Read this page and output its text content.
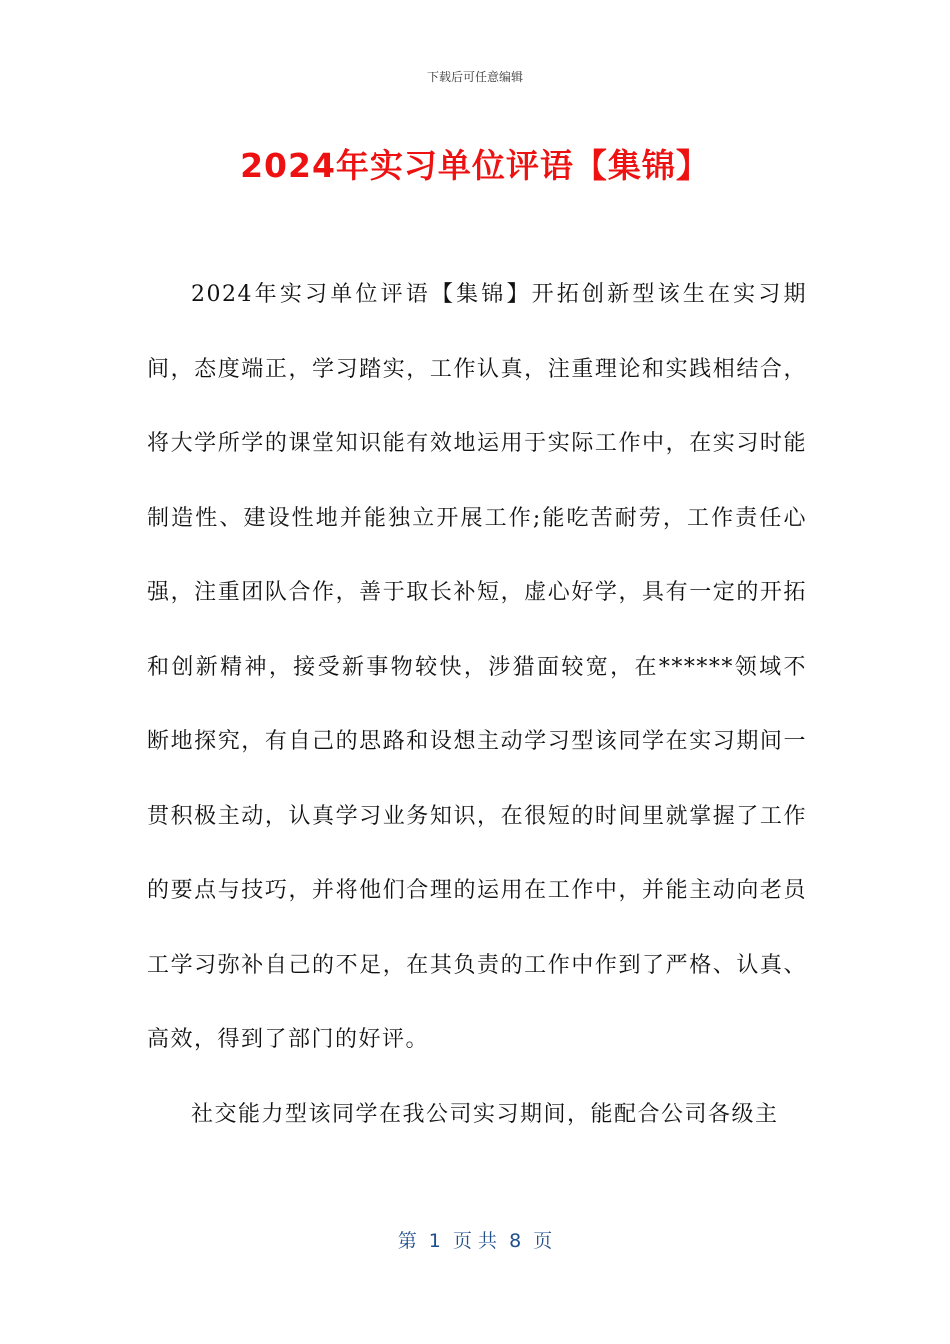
下载后可任意编辑
2024年实习单位评语【集锦】

2024年实习单位评语【集锦】开拓创新型该生在实习期间，态度端正，学习踏实，工作认真，注重理论和实践相结合，将大学所学的课堂知识能有效地运用于实际工作中，在实习时能制造性、建设性地并能独立开展工作;能吃苦耐劳，工作责任心强，注重团队合作，善于取长补短，虚心好学，具有一定的开拓和创新精神，接受新事物较快，涉猎面较宽，在******领域不断地探究，有自己的思路和设想主动学习型该同学在实习期间一贯积极主动，认真学习业务知识，在很短的时间里就掌握了工作的要点与技巧，并将他们合理的运用在工作中，并能主动向老员工学习弥补自己的不足，在其负责的工作中作到了严格、认真、高效，得到了部门的好评。

社交能力型该同学在我公司实习期间，能配合公司各级主

第  1  页 共  8  页
